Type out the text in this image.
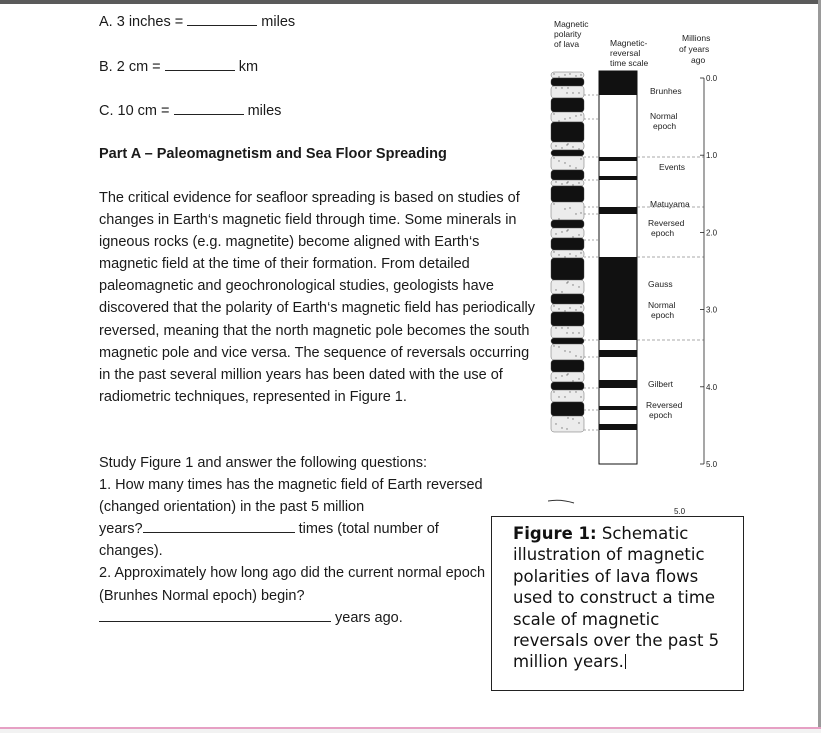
A. 3 inches =	miles
B. 2 cm =	km
C. 10 cm =	miles
Part A – Paleomagnetism and Sea Floor Spreading
The critical evidence for seafloor spreading is based on studies of changes in Earth‘s magnetic field through time. Some minerals in igneous rocks (e.g. magnetite) become aligned with Earth‘s magnetic field at the time of their formation. From detailed paleomagnetic and geochronological studies, geologists have discovered that the polarity of Earth‘s magnetic field has periodically reversed, meaning that the north magnetic pole becomes the south magnetic pole and vice versa. The sequence of reversals occurring in the past several million years has been dated with the use of radiometric techniques, represented in Figure 1.
Study Figure 1 and answer the following questions:
1. How many times has the magnetic field of Earth reversed (changed orientation) in the past 5 million
years?	times (total number of
changes).
2. Approximately how long ago did the current normal epoch (Brunhes Normal epoch) begin?
years ago.
Magnetic
polarity
of lava	Magnetic-
reversal
time scale
Millions
of years
ago
0.0
1.0
2.0
3.0
4.0
5.0
Brunhes
Normal
epoch
Events
Matuyama
Reversed
epoch
Gauss
Normal
epoch
Gilbert
Reversed
epoch
5.0
Figure 1: Schematic illustration of magnetic polarities of lava flows used to construct a time scale of magnetic reversals over the past 5 million years.
